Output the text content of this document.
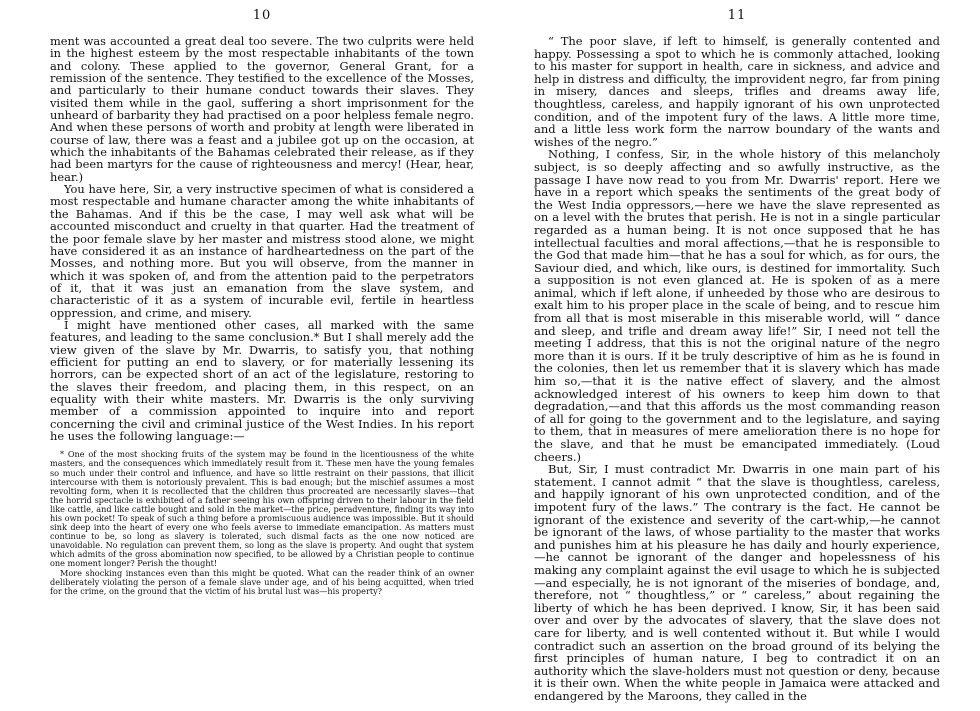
10

ment was accounted a great deal too severe. The two culprits were held in the highest esteem by the most respectable inhabitants of the town and colony. These applied to the governor, General Grant, for a remission of the sentence. They testified to the excellence of the Mosses, and particularly to their humane conduct towards their slaves. They visited them while in the gaol, suffering a short imprisonment for the unheard of barbarity they had practised on a poor helpless female negro. And when these persons of worth and probity at length were liberated in course of law, there was a feast and a jubilee got up on the occasion, at which the inhabitants of the Bahamas celebrated their release, as if they had been martyrs for the cause of righteousness and mercy! (Hear, hear, hear.)

You have here, Sir, a very instructive specimen of what is considered a most respectable and humane character among the white inhabitants of the Bahamas. And if this be the case, I may well ask what will be accounted misconduct and cruelty in that quarter. Had the treatment of the poor female slave by her master and mistress stood alone, we might have considered it as an instance of hardheartedness on the part of the Mosses, and nothing more. But you will observe, from the manner in which it was spoken of, and from the attention paid to the perpetrators of it, that it was just an emanation from the slave system, and characteristic of it as a system of incurable evil, fertile in heartless oppression, and crime, and misery.

I might have mentioned other cases, all marked with the same features, and leading to the same conclusion.* But I shall merely add the view given of the slave by Mr. Dwarris, to satisfy you, that nothing efficient for putting an end to slavery, or for materially lessening its horrors, can be expected short of an act of the legislature, restoring to the slaves their freedom, and placing them, in this respect, on an equality with their white masters. Mr. Dwarris is the only surviving member of a commission appointed to inquire into and report concerning the civil and criminal justice of the West Indies. In his report he uses the following language:—

* One of the most shocking fruits of the system may be found in the licentiousness of the white masters, and the consequences which immediately result from it. These men have the young females so much under their control and influence, and have so little restraint on their passions, that illicit intercourse with them is notoriously prevalent. This is bad enough; but the mischief assumes a most revolting form, when it is recollected that the children thus procreated are necessarily slaves—that the horrid spectacle is exhibited of a father seeing his own offspring driven to their labour in the field like cattle, and like cattle bought and sold in the market—the price, peradventure, finding its way into his own pocket! To speak of such a thing before a promiscuous audience was impossible. But it should sink deep into the heart of every one who feels averse to immediate emancipation. As matters must continue to be, so long as slavery is tolerated, such dismal facts as the one now noticed are unavoidable. No regulation can prevent them, so long as the slave is property. And ought that system which admits of the gross abomination now specified, to be allowed by a Christian people to continue one moment longer? Perish the thought!

More shocking instances even than this might be quoted. What can the reader think of an owner deliberately violating the person of a female slave under age, and of his being acquitted, when tried for the crime, on the ground that the victim of his brutal lust was—his property?

11

“ The poor slave, if left to himself, is generally contented and happy. Possessing a spot to which he is commonly attached, looking to his master for support in health, care in sickness, and advice and help in distress and difficulty, the improvident negro, far from pining in misery, dances and sleeps, trifles and dreams away life, thoughtless, careless, and happily ignorant of his own unprotected condition, and of the impotent fury of the laws. A little more time, and a little less work form the narrow boundary of the wants and wishes of the negro.”

Nothing, I confess, Sir, in the whole history of this melancholy subject, is so deeply affecting and so awfully instructive, as the passage I have now read to you from Mr. Dwarris' report. Here we have in a report which speaks the sentiments of the great body of the West India oppressors,—here we have the slave represented as on a level with the brutes that perish. He is not in a single particular regarded as a human being. It is not once supposed that he has intellectual faculties and moral affections,—that he is responsible to the God that made him—that he has a soul for which, as for ours, the Saviour died, and which, like ours, is destined for immortality. Such a supposition is not even glanced at. He is spoken of as a mere animal, which if left alone, if unheeded by those who are desirous to exalt him to his proper place in the scale of being, and to rescue him from all that is most miserable in this miserable world, will “ dance and sleep, and trifle and dream away life!” Sir, I need not tell the meeting I address, that this is not the original nature of the negro more than it is ours. If it be truly descriptive of him as he is found in the colonies, then let us remember that it is slavery which has made him so,—that it is the native effect of slavery, and the almost acknowledged interest of his owners to keep him down to that degradation,—and that this affords us the most commanding reason of all for going to the government and to the legislature, and saying to them, that in measures of mere amelioration there is no hope for the slave, and that he must be emancipated immediately. (Loud cheers.)

But, Sir, I must contradict Mr. Dwarris in one main part of his statement. I cannot admit “ that the slave is thoughtless, careless, and happily ignorant of his own unprotected condition, and of the impotent fury of the laws.” The contrary is the fact. He cannot be ignorant of the existence and severity of the cart-whip,—he cannot be ignorant of the laws, of whose partiality to the master that works and punishes him at his pleasure he has daily and hourly experience,—he cannot be ignorant of the danger and hopelessness of his making any complaint against the evil usage to which he is subjected—and especially, he is not ignorant of the miseries of bondage, and, therefore, not “ thoughtless,” or “ careless,” about regaining the liberty of which he has been deprived. I know, Sir, it has been said over and over by the advocates of slavery, that the slave does not care for liberty, and is well contented without it. But while I would contradict such an assertion on the broad ground of its belying the first principles of human nature, I beg to contradict it on an authority which the slave-holders must not question or deny, because it is their own. When the white people in Jamaica were attacked and endangered by the Maroons, they called in the
